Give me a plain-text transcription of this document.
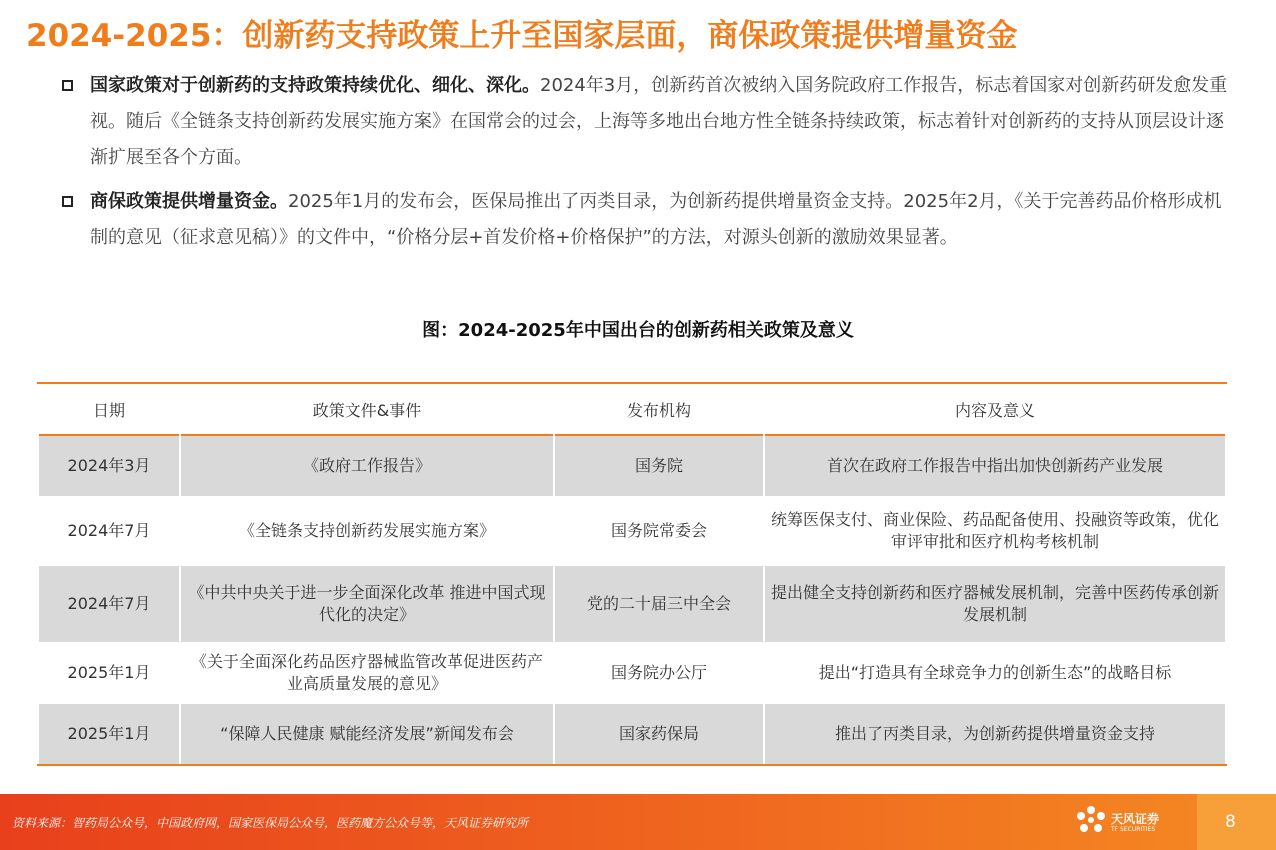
2024-2025：创新药支持政策上升至国家层面，商保政策提供增量资金
国家政策对于创新药的支持政策持续优化、细化、深化。2024年3月，创新药首次被纳入国务院政府工作报告，标志着国家对创新药研发愈发重视。随后《全链条支持创新药发展实施方案》在国常会的过会，上海等多地出台地方性全链条持续政策，标志着针对创新药的支持从顶层设计逐渐扩展至各个方面。
商保政策提供增量资金。2025年1月的发布会，医保局推出了丙类目录，为创新药提供增量资金支持。2025年2月，《关于完善药品价格形成机制的意见（征求意见稿）》的文件中，“价格分层+首发价格+价格保护”的方法，对源头创新的激励效果显著。
图：2024-2025年中国出台的创新药相关政策及意义
日期	政策文件&事件	发布机构	内容及意义
2024年3月	《政府工作报告》	国务院	首次在政府工作报告中指出加快创新药产业发展
2024年7月	《全链条支持创新药发展实施方案》	国务院常委会	统筹医保支付、商业保险、药品配备使用、投融资等政策，优化审评审批和医疗机构考核机制
2024年7月	《中共中央关于进一步全面深化改革 推进中国式现代化的决定》	党的二十届三中全会	提出健全支持创新药和医疗器械发展机制，完善中医药传承创新发展机制
2025年1月	《关于全面深化药品医疗器械监管改革促进医药产业高质量发展的意见》	国务院办公厅	提出“打造具有全球竞争力的创新生态”的战略目标
2025年1月	“保障人民健康 赋能经济发展”新闻发布会	国家药保局	推出了丙类目录，为创新药提供增量资金支持
资料来源：智药局公众号，中国政府网，国家医保局公众号，医药魔方公众号等，天风证券研究所	天风证券
TF SECURITIES	8
